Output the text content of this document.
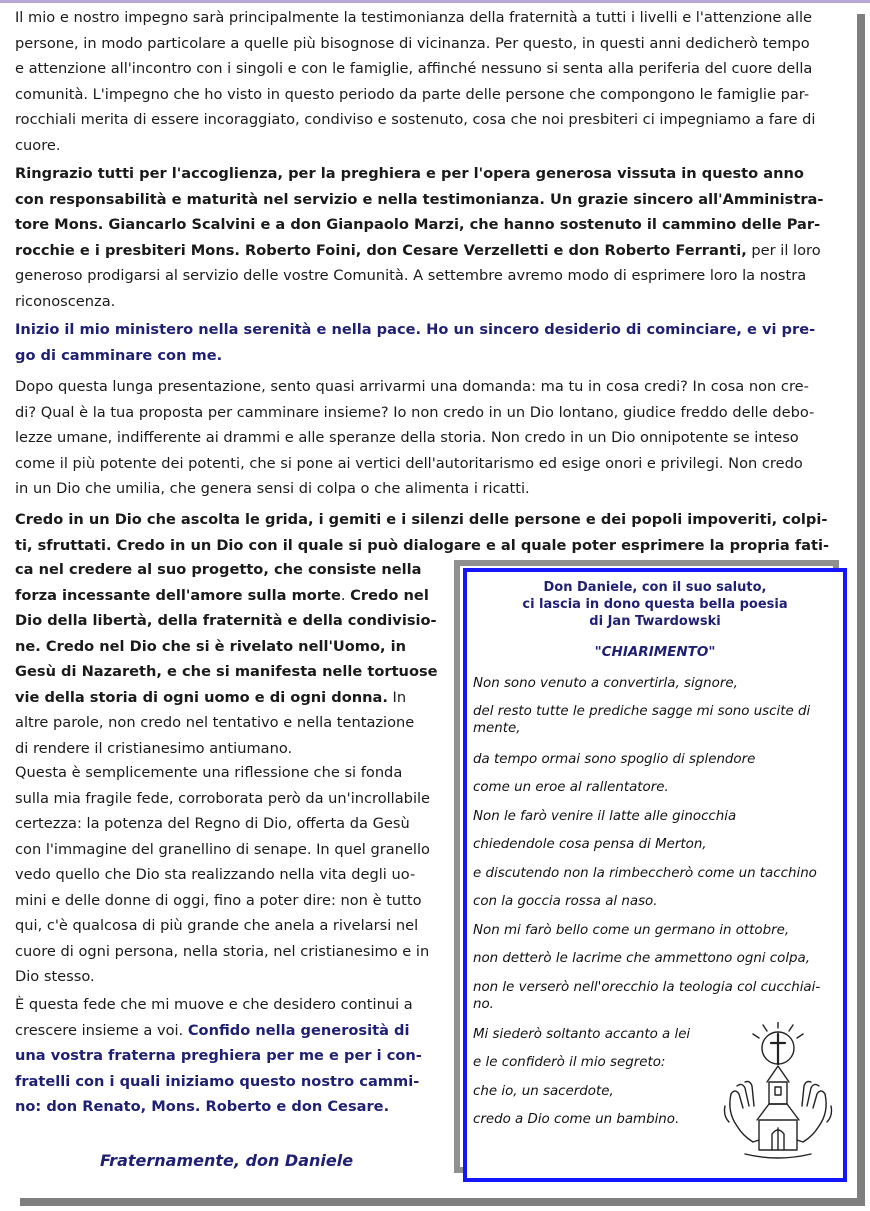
Il mio e nostro impegno sarà principalmente la testimonianza della fraternità a tutti i livelli e l'attenzione alle
persone, in modo particolare a quelle più bisognose di vicinanza. Per questo, in questi anni dedicherò tempo
e attenzione all'incontro con i singoli e con le famiglie, affinché nessuno si senta alla periferia del cuore della
comunità. L'impegno che ho visto in questo periodo da parte delle persone che compongono le famiglie par-
rocchiali merita di essere incoraggiato, condiviso e sostenuto, cosa che noi presbiteri ci impegniamo a fare di
cuore.
Ringrazio tutti per l'accoglienza, per la preghiera e per l'opera generosa vissuta in questo anno
con responsabilità e maturità nel servizio e nella testimonianza. Un grazie sincero all'Amministra-
tore Mons. Giancarlo Scalvini e a don Gianpaolo Marzi, che hanno sostenuto il cammino delle Par-
rocchie e i presbiteri Mons. Roberto Foini, don Cesare Verzelletti e don Roberto Ferranti, per il loro
generoso prodigarsi al servizio delle vostre Comunità. A settembre avremo modo di esprimere loro la nostra
riconoscenza.
Inizio il mio ministero nella serenità e nella pace. Ho un sincero desiderio di cominciare, e vi pre-
go di camminare con me.
Dopo questa lunga presentazione, sento quasi arrivarmi una domanda: ma tu in cosa credi? In cosa non cre-
di? Qual è la tua proposta per camminare insieme? Io non credo in un Dio lontano, giudice freddo delle debo-
lezze umane, indifferente ai drammi e alle speranze della storia. Non credo in un Dio onnipotente se inteso
come il più potente dei potenti, che si pone ai vertici dell'autoritarismo ed esige onori e privilegi. Non credo
in un Dio che umilia, che genera sensi di colpa o che alimenta i ricatti.
Credo in un Dio che ascolta le grida, i gemiti e i silenzi delle persone e dei popoli impoveriti, colpi-
ti, sfruttati. Credo in un Dio con il quale si può dialogare e al quale poter esprimere la propria fati-
ca nel credere al suo progetto, che consiste nella
forza incessante dell'amore sulla morte. Credo nel
Dio della libertà, della fraternità e della condivisio-
ne. Credo nel Dio che si è rivelato nell'Uomo, in
Gesù di Nazareth, e che si manifesta nelle tortuose
vie della storia di ogni uomo e di ogni donna. In
altre parole, non credo nel tentativo e nella tentazione
di rendere il cristianesimo antiumano.
Questa è semplicemente una riflessione che si fonda
sulla mia fragile fede, corroborata però da un'incrollabile
certezza: la potenza del Regno di Dio, offerta da Gesù
con l'immagine del granellino di senape. In quel granello
vedo quello che Dio sta realizzando nella vita degli uo-
mini e delle donne di oggi, fino a poter dire: non è tutto
qui, c'è qualcosa di più grande che anela a rivelarsi nel
cuore di ogni persona, nella storia, nel cristianesimo e in
Dio stesso.
È questa fede che mi muove e che desidero continui a
crescere insieme a voi. Confido nella generosità di
una vostra fraterna preghiera per me e per i con-
fratelli con i quali iniziamo questo nostro cammi-
no: don Renato, Mons. Roberto e don Cesare.
Fraternamente, don Daniele
Don Daniele, con il suo saluto,
ci lascia in dono questa bella poesia
di Jan Twardowski
"CHIARIMENTO"
Non sono venuto a convertirla, signore,
del resto tutte le prediche sagge mi sono uscite di
mente,
da tempo ormai sono spoglio di splendore
come un eroe al rallentatore.
Non le farò venire il latte alle ginocchia
chiedendole cosa pensa di Merton,
e discutendo non la rimbeccherò come un tacchino
con la goccia rossa al naso.
Non mi farò bello come un germano in ottobre,
non detterò le lacrime che ammettono ogni colpa,
non le verserò nell'orecchio la teologia col cucchiai-
no.
Mi siederò soltanto accanto a lei
e le confiderò il mio segreto:
che io, un sacerdote,
credo a Dio come un bambino.
